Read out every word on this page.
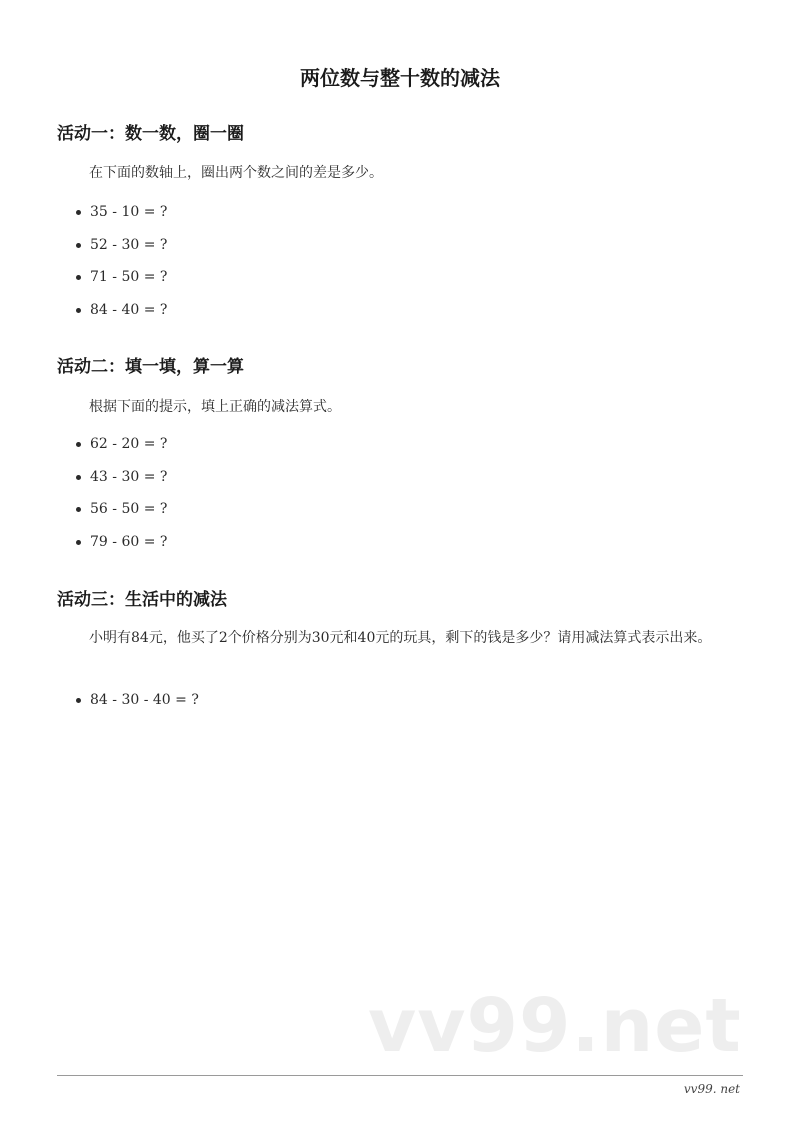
两位数与整十数的减法
活动一：数一数，圈一圈
在下面的数轴上，圈出两个数之间的差是多少。
35 - 10 = ?
52 - 30 = ?
71 - 50 = ?
84 - 40 = ?
活动二：填一填，算一算
根据下面的提示，填上正确的减法算式。
62 - 20 = ?
43 - 30 = ?
56 - 50 = ?
79 - 60 = ?
活动三：生活中的减法
小明有84元，他买了2个价格分别为30元和40元的玩具，剩下的钱是多少？请用减法算式表示出来。
84 - 30 - 40 = ?
vv99.net
vv99. net
